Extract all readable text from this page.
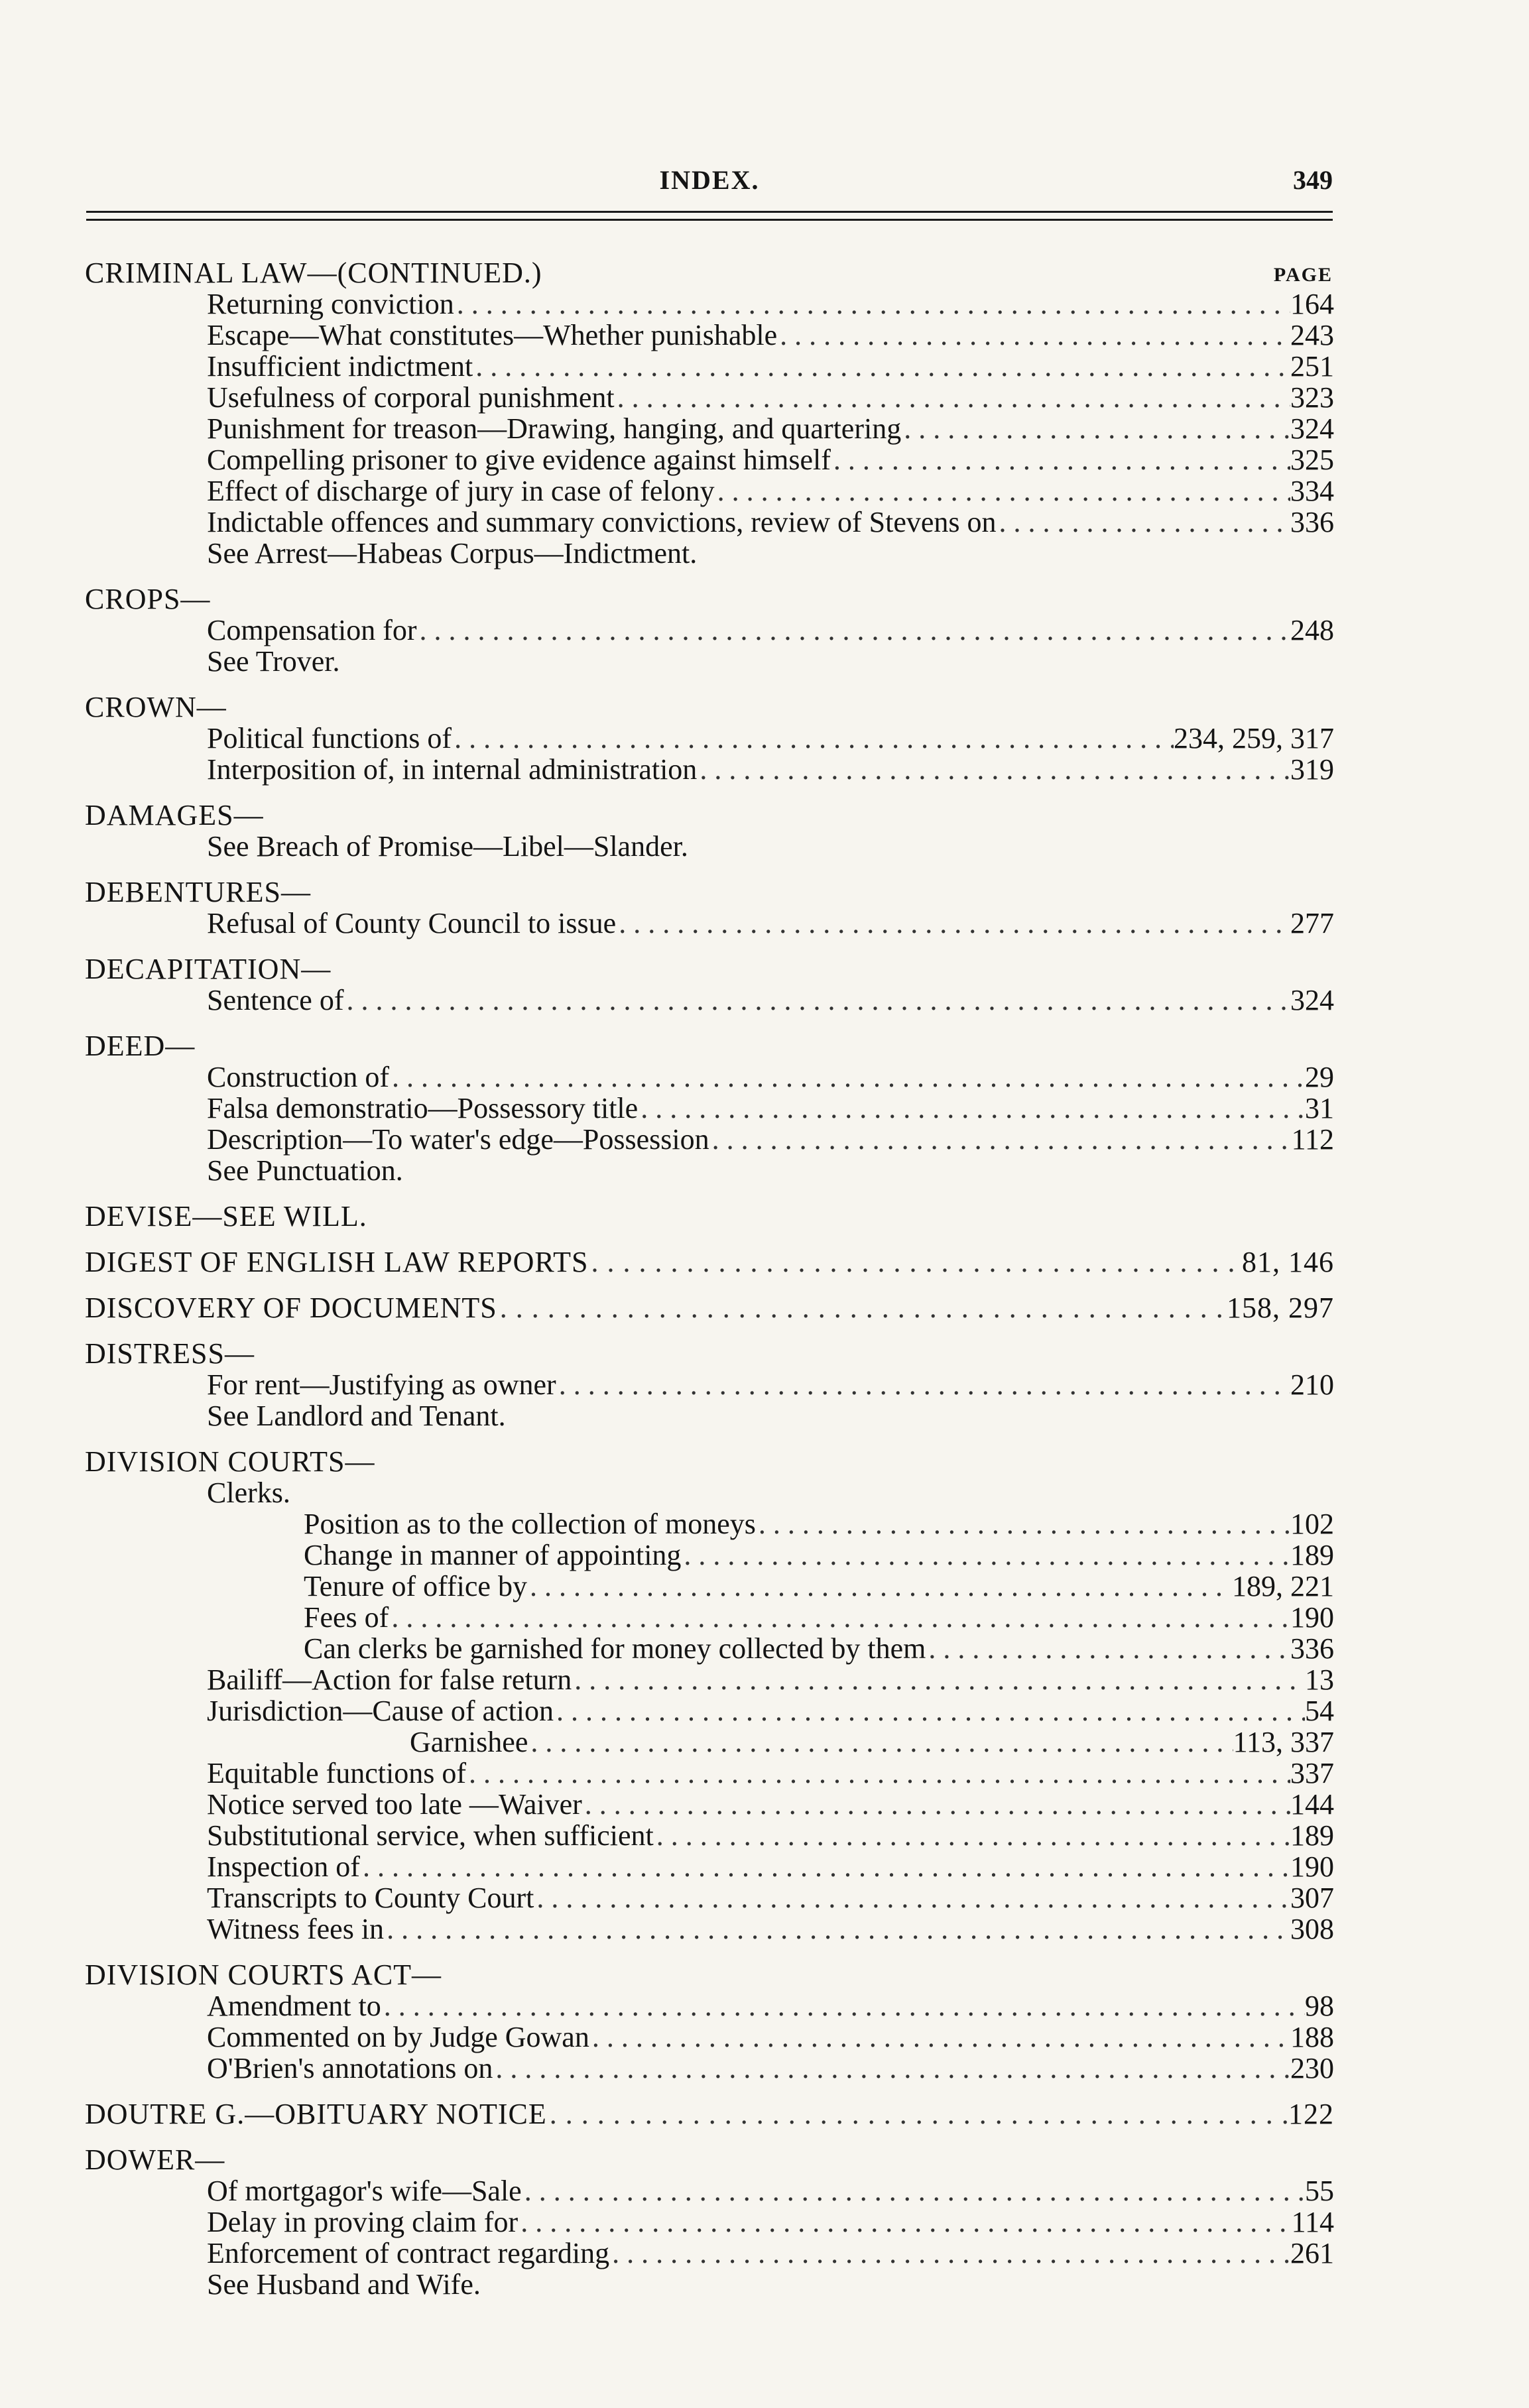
INDEX.	349
PAGE
CRIMINAL LAW—(CONTINUED.)
Returning conviction . . .	164
Escape—What constitutes—Whether punishable . . .	243
Insufficient indictment . . .	251
Usefulness of corporal punishment . . .	323
Punishment for treason—Drawing, hanging, and quartering . . .	324
Compelling prisoner to give evidence against himself . . .	325
Effect of discharge of jury in case of felony . . .	334
Indictable offences and summary convictions, review of Stevens on . . .	336
See Arrest—Habeas Corpus—Indictment.
CROPS—
Compensation for . . .	248
See Trover.
CROWN—
Political functions of . . .	234, 259, 317
Interposition of, in internal administration . . .	319
DAMAGES—
See Breach of Promise—Libel—Slander.
DEBENTURES—
Refusal of County Council to issue . . .	277
DECAPITATION—
Sentence of . . .	324
DEED—
Construction of . . .	29
Falsa demonstratio—Possessory title . . .	31
Description—To water's edge—Possession . . .	112
See Punctuation.
DEVISE—SEE WILL.
DIGEST OF ENGLISH LAW REPORTS . . .	81, 146
DISCOVERY OF DOCUMENTS . . .	158, 297
DISTRESS—
For rent—Justifying as owner . . .	210
See Landlord and Tenant.
DIVISION COURTS—
Clerks.
Position as to the collection of moneys . . .	102
Change in manner of appointing . . .	189
Tenure of office by . . .	189, 221
Fees of . . .	190
Can clerks be garnished for money collected by them . . .	336
Bailiff—Action for false return . . .	13
Jurisdiction—Cause of action . . .	54
Garnishee . . .	113, 337
Equitable functions of . . .	337
Notice served too late —Waiver . . .	144
Substitutional service, when sufficient . . .	189
Inspection of . . .	190
Transcripts to County Court . . .	307
Witness fees in . . .	308
DIVISION COURTS ACT—
Amendment to . . .	98
Commented on by Judge Gowan . . .	188
O'Brien's annotations on . . .	230
DOUTRE G.—OBITUARY NOTICE . . .	122
DOWER—
Of mortgagor's wife—Sale . . .	55
Delay in proving claim for . . .	114
Enforcement of contract regarding . . .	261
See Husband and Wife.
